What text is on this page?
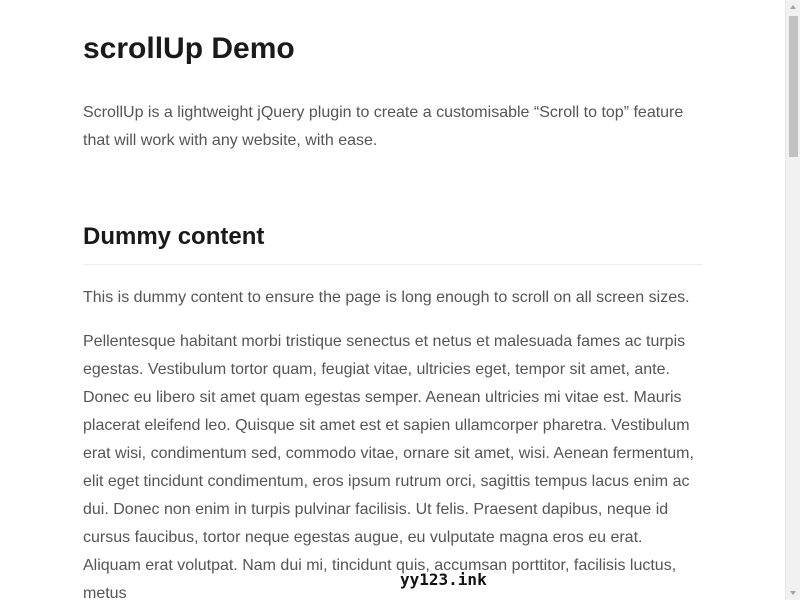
scrollUp Demo

ScrollUp is a lightweight jQuery plugin to create a customisable “Scroll to top” feature that will work with any website, with ease.

Dummy content

This is dummy content to ensure the page is long enough to scroll on all screen sizes.

Pellentesque habitant morbi tristique senectus et netus et malesuada fames ac turpis egestas. Vestibulum tortor quam, feugiat vitae, ultricies eget, tempor sit amet, ante. Donec eu libero sit amet quam egestas semper. Aenean ultricies mi vitae est. Mauris placerat eleifend leo. Quisque sit amet est et sapien ullamcorper pharetra. Vestibulum erat wisi, condimentum sed, commodo vitae, ornare sit amet, wisi. Aenean fermentum, elit eget tincidunt condimentum, eros ipsum rutrum orci, sagittis tempus lacus enim ac dui. Donec non enim in turpis pulvinar facilisis. Ut felis. Praesent dapibus, neque id cursus faucibus, tortor neque egestas augue, eu vulputate magna eros eu erat. Aliquam erat volutpat. Nam dui mi, tincidunt quis, accumsan porttitor, facilisis luctus, metus

yy123.ink
